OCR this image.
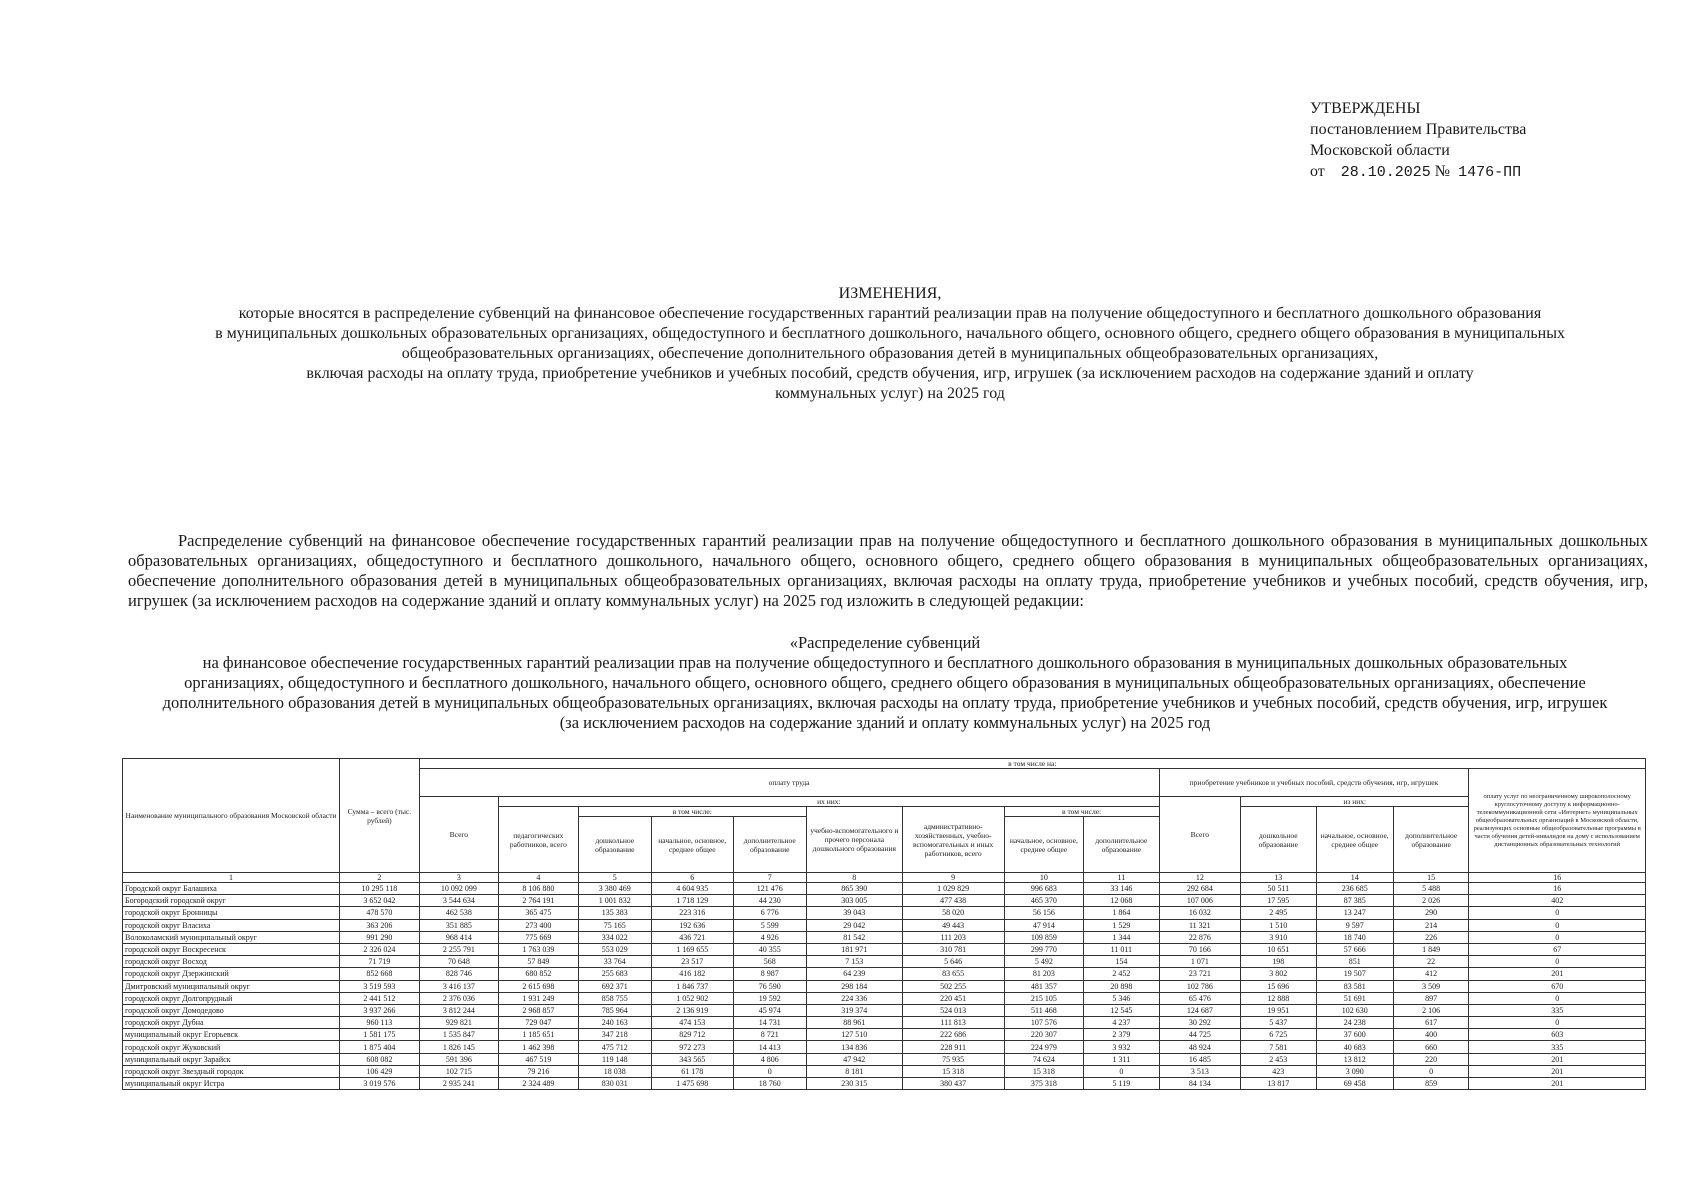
УТВЕРЖДЕНЫ
постановлением Правительства
Московской области
от 28.10.2025 № 1476-ПП
ИЗМЕНЕНИЯ,
которые вносятся в распределение субвенций на финансовое обеспечение государственных гарантий реализации прав на получение общедоступного и бесплатного дошкольного образования
в муниципальных дошкольных образовательных организациях, общедоступного и бесплатного дошкольного, начального общего, основного общего, среднего общего образования в муниципальных
общеобразовательных организациях, обеспечение дополнительного образования детей в муниципальных общеобразовательных организациях,
включая расходы на оплату труда, приобретение учебников и учебных пособий, средств обучения, игр, игрушек (за исключением расходов на содержание зданий и оплату
коммунальных услуг) на 2025 год
Распределение субвенций на финансовое обеспечение государственных гарантий реализации прав на получение общедоступного и бесплатного дошкольного образования в муниципальных дошкольных образовательных организациях, общедоступного и бесплатного дошкольного, начального общего, основного общего, среднего общего образования в муниципальных общеобразовательных организациях, обеспечение дополнительного образования детей в муниципальных общеобразовательных организациях, включая расходы на оплату труда, приобретение учебников и учебных пособий, средств обучения, игр, игрушек (за исключением расходов на содержание зданий и оплату коммунальных услуг) на 2025 год изложить в следующей редакции:
«Распределение субвенций
на финансовое обеспечение государственных гарантий реализации прав на получение общедоступного и бесплатного дошкольного образования в муниципальных дошкольных образовательных
организациях, общедоступного и бесплатного дошкольного, начального общего, основного общего, среднего общего образования в муниципальных общеобразовательных организациях, обеспечение
дополнительного образования детей в муниципальных общеобразовательных организациях, включая расходы на оплату труда, приобретение учебников и учебных пособий, средств обучения, игр, игрушек
(за исключением расходов на содержание зданий и оплату коммунальных услуг) на 2025 год
Наименование муниципального образования Московской области	Сумма – всего (тыс. рублей)	в том числе на:													
		оплату труда									приобретение учебников и учебных пособий, средств обучения, игр, игрушек				оплату услуг по неограниченному широкополосному круглосуточному доступу к информационно-телекоммуникационной сети «Интернет» муниципальных общеобразовательных организаций в Московской области, реализующих основные общеобразовательные программы в части обучения детей-инвалидов на дому с использованием дистанционных образовательных технологий
		Всего	их них:								Всего	из них:			
			педагогических работников, всего	в том числе:			учебно-вспомогательного и прочего персонала дошкольного образования	административно-хозяйственных, учебно-вспомогательных и иных работников, всего	в том числе:			дошкольное образование	начальное, основное, среднее общее	дополнительное образование	
				дошкольное образование	начальное, основное, среднее общее	дополнительное образование			начальное, основное, среднее общее	дополнительное образование					
1	2	3	4	5	6	7	8	9	10	11	12	13	14	15	16
Городской округ Балашиха	10 295 118	10 092 099	8 106 880	3 380 469	4 604 935	121 476	865 390	1 029 829	996 683	33 146	292 684	50 511	236 685	5 488	16
Богородский городской округ	3 652 042	3 544 634	2 764 191	1 001 832	1 718 129	44 230	303 005	477 438	465 370	12 068	107 006	17 595	87 385	2 026	402
городской округ Бронницы	478 570	462 538	365 475	135 383	223 316	6 776	39 043	58 020	56 156	1 864	16 032	2 495	13 247	290	0
городской округ Власиха	363 206	351 885	273 400	75 165	192 636	5 599	29 042	49 443	47 914	1 529	11 321	1 510	9 597	214	0
Волоколамский муниципальный округ	991 290	968 414	775 669	334 022	436 721	4 926	81 542	111 203	109 859	1 344	22 876	3 910	18 740	226	0
городской округ Воскресенск	2 326 024	2 255 791	1 763 039	553 029	1 169 655	40 355	181 971	310 781	299 770	11 011	70 166	10 651	57 666	1 849	67
городской округ Восход	71 719	70 648	57 849	33 764	23 517	568	7 153	5 646	5 492	154	1 071	198	851	22	0
городской округ Дзержинский	852 668	828 746	680 852	255 683	416 182	8 987	64 239	83 655	81 203	2 452	23 721	3 802	19 507	412	201
Дмитровский муниципальный округ	3 519 593	3 416 137	2 615 698	692 371	1 846 737	76 590	298 184	502 255	481 357	20 898	102 786	15 696	83 581	3 509	670
городской округ Долгопрудный	2 441 512	2 376 036	1 931 249	858 755	1 052 902	19 592	224 336	220 451	215 105	5 346	65 476	12 888	51 691	897	0
городской округ Домодедово	3 937 266	3 812 244	2 968 857	785 964	2 136 919	45 974	319 374	524 013	511 468	12 545	124 687	19 951	102 630	2 106	335
городской округ Дубна	960 113	929 821	729 047	240 163	474 153	14 731	88 961	111 813	107 576	4 237	30 292	5 437	24 238	617	0
муниципальный округ Егорьевск	1 581 175	1 535 847	1 185 651	347 218	829 712	8 721	127 510	222 686	220 307	2 379	44 725	6 725	37 600	400	603
городской округ Жуковский	1 875 404	1 826 145	1 462 398	475 712	972 273	14 413	134 836	228 911	224 979	3 932	48 924	7 581	40 683	660	335
муниципальный округ Зарайск	608 082	591 396	467 519	119 148	343 565	4 806	47 942	75 935	74 624	1 311	16 485	2 453	13 812	220	201
городской округ Звездный городок	106 429	102 715	79 216	18 038	61 178	0	8 181	15 318	15 318	0	3 513	423	3 090	0	201
муниципальный округ Истра	3 019 576	2 935 241	2 324 489	830 031	1 475 698	18 760	230 315	380 437	375 318	5 119	84 134	13 817	69 458	859	201
